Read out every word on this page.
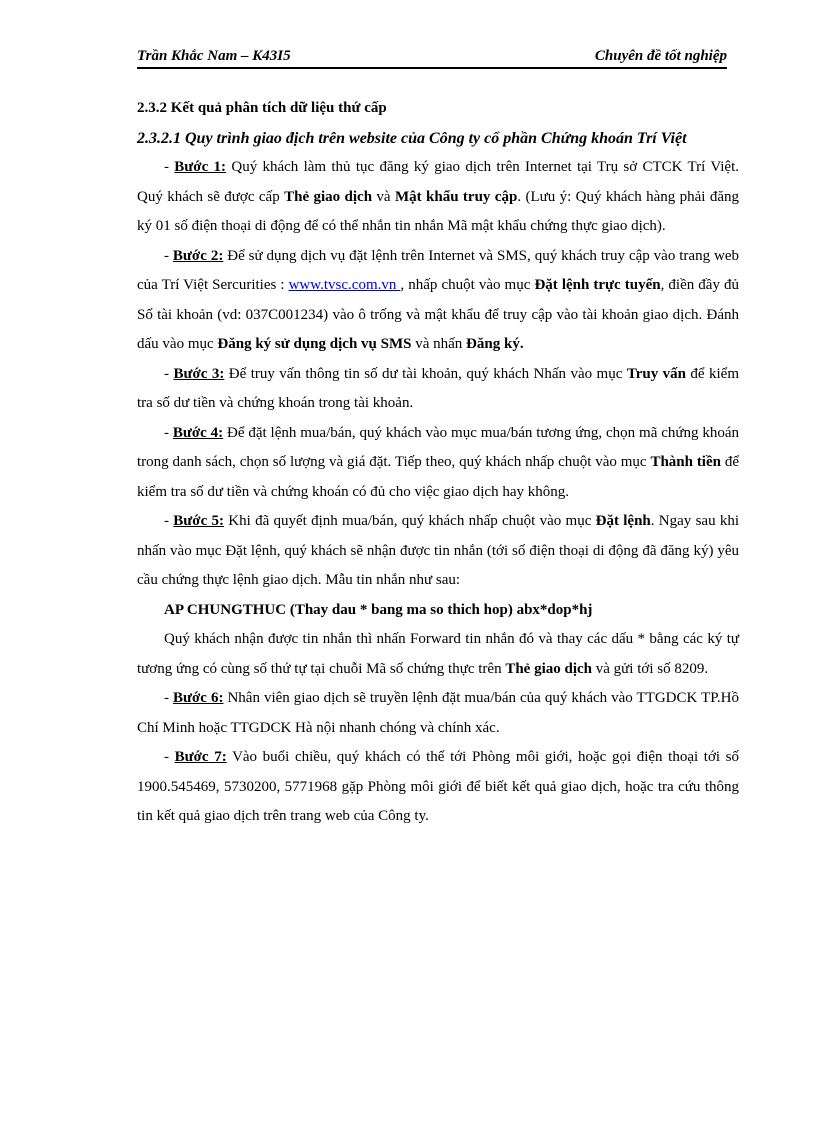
Trần Khắc Nam – K43I5	Chuyên đề tốt nghiệp

2.3.2 Kết quả phân tích dữ liệu thứ cấp

2.3.2.1 Quy trình giao địch trên website của Công ty cổ phần Chứng khoán Trí Việt

- Bước 1: Quý khách làm thủ tục đăng ký giao dịch trên Internet tại Trụ sở CTCK Trí Việt. Quý khách sẽ được cấp Thẻ giao dịch và Mật khẩu truy cập. (Lưu ý: Quý khách hàng phải đăng ký 01 số điện thoại di động để có thể nhắn tin nhắn Mã mật khẩu chứng thực giao dịch).

- Bước 2: Để sử dụng dịch vụ đặt lệnh trên Internet và SMS, quý khách truy cập vào trang web của Trí Việt Sercurities : www.tvsc.com.vn , nhấp chuột vào mục Đặt lệnh trực tuyến, điền đầy đủ Số tài khoản (vd: 037C001234) vào ô trống và mật khẩu để truy cập vào tài khoản giao dịch. Đánh dấu vào mục Đăng ký sử dụng dịch vụ SMS và nhấn Đăng ký.

- Bước 3: Để truy vấn thông tin số dư tài khoản, quý khách Nhấn vào mục Truy vấn để kiểm tra số dư tiền và chứng khoán trong tài khoản.

- Bước 4: Để đặt lệnh mua/bán, quý khách vào mục mua/bán tương ứng, chọn mã chứng khoán trong danh sách, chọn số lượng và giá đặt. Tiếp theo, quý khách nhấp chuột vào mục Thành tiền để kiểm tra số dư tiền và chứng khoán có đủ cho việc giao dịch hay không.

- Bước 5: Khi đã quyết định mua/bán, quý khách nhấp chuột vào mục Đặt lệnh. Ngay sau khi nhấn vào mục Đặt lệnh, quý khách sẽ nhận được tin nhắn (tới số điện thoại di động đã đăng ký) yêu cầu chứng thực lệnh giao dịch. Mẫu tin nhắn như sau:

AP CHUNGTHUC (Thay dau * bang ma so thich hop) abx*dop*hj

Quý khách nhận được tin nhắn thì nhấn Forward tin nhắn đó và thay các dấu * bằng các ký tự tương ứng có cùng số thứ tự tại chuỗi Mã số chứng thực trên Thẻ giao dịch và gửi tới số 8209.

- Bước 6: Nhân viên giao dịch sẽ truyền lệnh đặt mua/bán của quý khách vào TTGDCK TP.Hồ Chí Minh hoặc TTGDCK Hà nội nhanh chóng và chính xác.

- Bước 7: Vào buổi chiều, quý khách có thể tới Phòng môi giới, hoặc gọi điện thoại tới số 1900.545469, 5730200, 5771968 gặp Phòng môi giới để biết kết quả giao dịch, hoặc tra cứu thông tin kết quả giao dịch trên trang web của Công ty.
